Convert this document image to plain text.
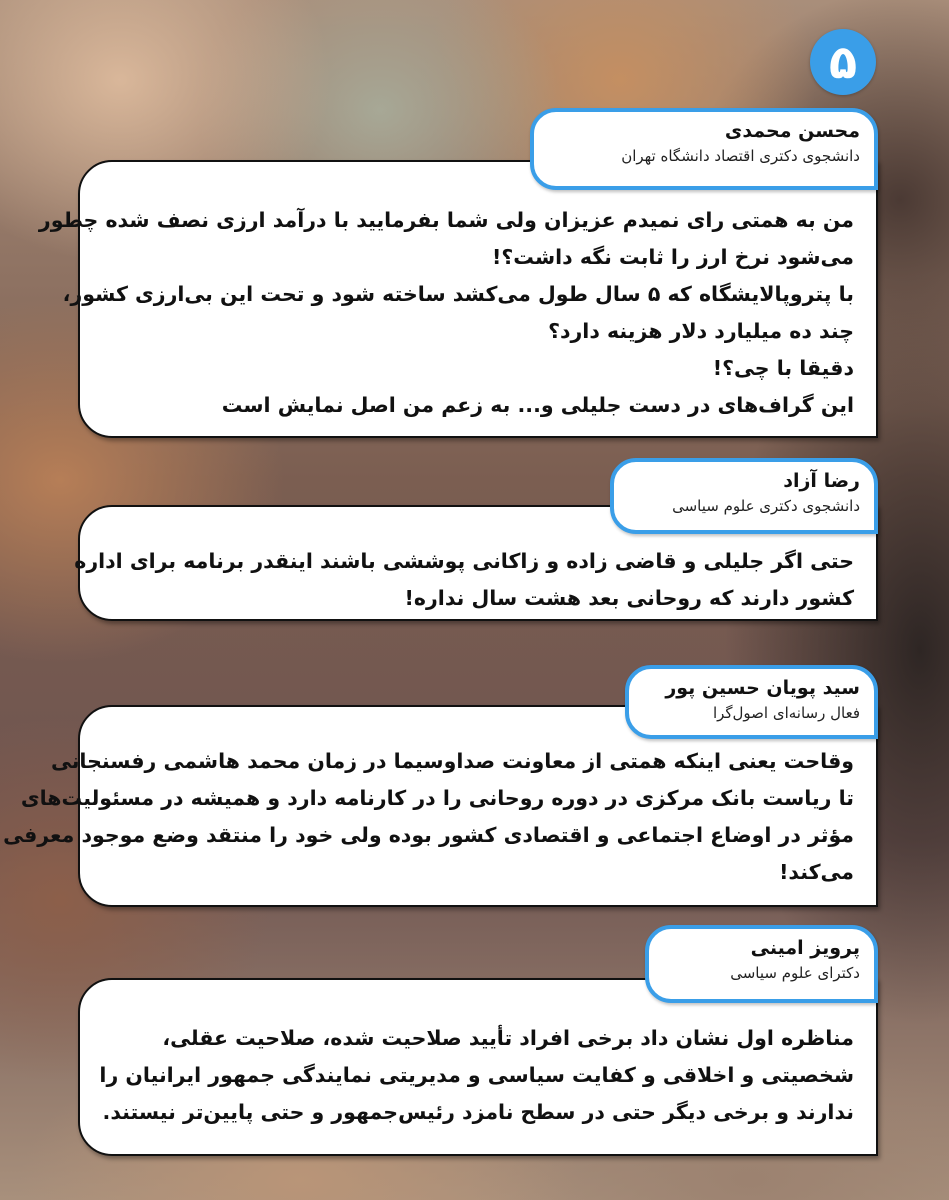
۵
محسن محمدی
دانشجوی دکتری اقتصاد دانشگاه تهران

من به همتی رای نمیدم عزیزان ولی شما بفرمایید با درآمد ارزی نصف شده چطور

می‌شود نرخ ارز را ثابت نگه داشت؟!

با پتروپالایشگاه که ۵ سال طول می‌کشد ساخته شود و تحت این بی‌ارزی کشور،

چند ده میلیارد دلار هزینه دارد؟

دقیقا با چی؟!

این گراف‌های در دست جلیلی و... به زعم من اصل نمایش است

رضا آزاد
دانشجوی دکتری علوم سیاسی

حتی اگر جلیلی و قاضی زاده و زاکانی پوششی باشند اینقدر برنامه برای اداره

کشور دارند که روحانی بعد هشت سال نداره!

سید پویان حسین پور
فعال رسانه‌ای اصول‌گرا

وقاحت یعنی اینکه همتی از معاونت صداوسیما در زمان محمد هاشمی رفسنجانی

تا ریاست بانک مرکزی در دوره روحانی را در کارنامه دارد و همیشه در مسئولیت‌های

مؤثر در اوضاع اجتماعی و اقتصادی کشور بوده ولی خود را منتقد وضع موجود معرفی

می‌کند!

پرویز امینی
دکترای علوم سیاسی

مناظره اول نشان داد برخی افراد تأیید صلاحیت شده، صلاحیت عقلی،

شخصیتی و اخلاقی و کفایت سیاسی و مدیریتی نمایندگی جمهور ایرانیان را

ندارند و برخی دیگر حتی در سطح نامزد رئیس‌جمهور و حتی پایین‌تر نیستند.
